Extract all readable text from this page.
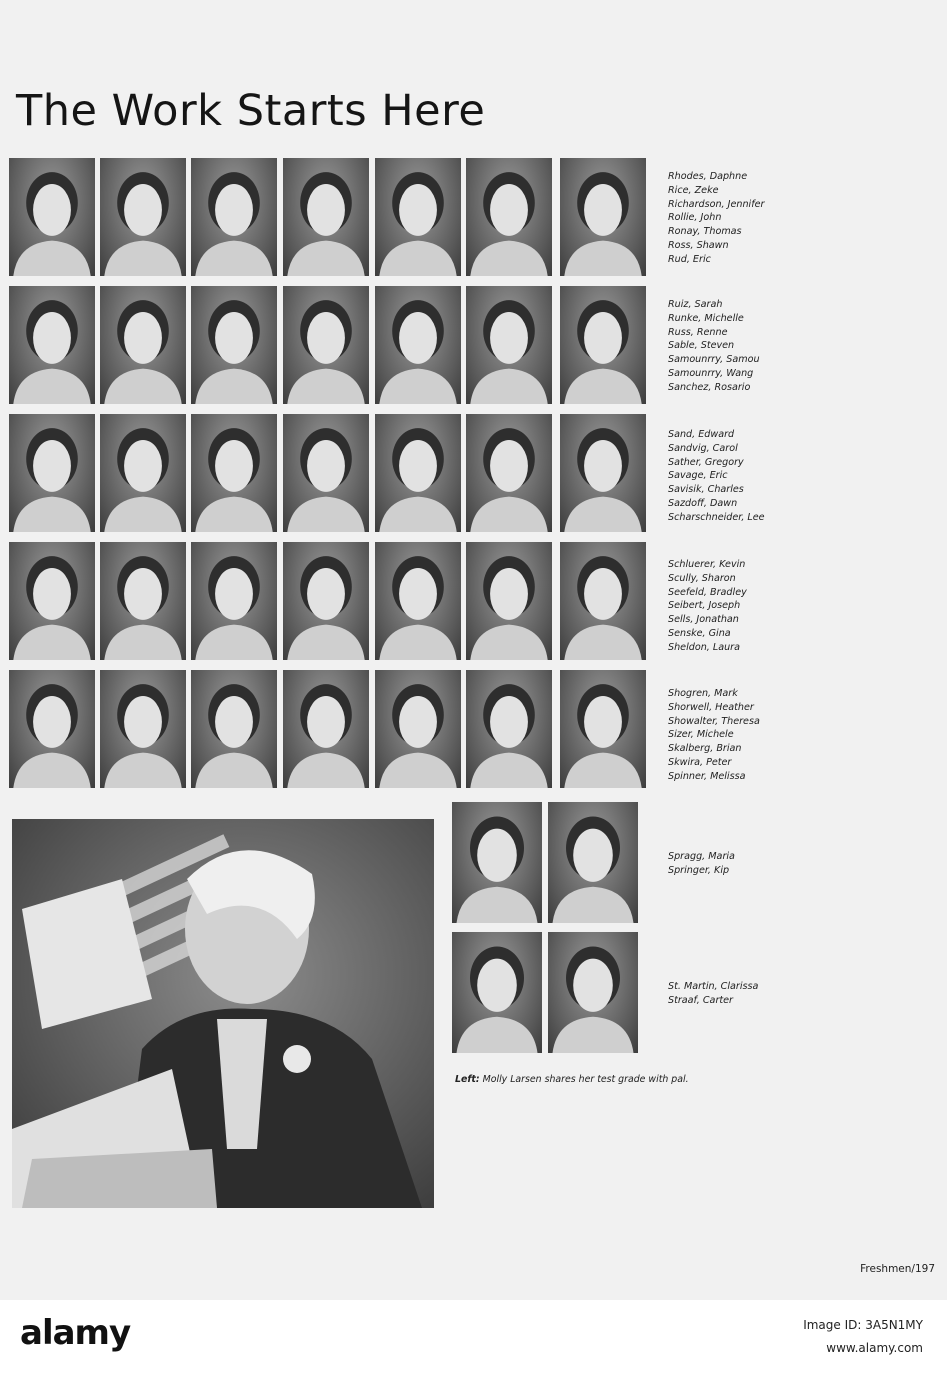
The Work Starts Here
Rhodes, Daphne
Rice, Zeke
Richardson, Jennifer
Rollie, John
Ronay, Thomas
Ross, Shawn
Rud, Eric
Ruiz, Sarah
Runke, Michelle
Russ, Renne
Sable, Steven
Samounrry, Samou
Samounrry, Wang
Sanchez, Rosario
Sand, Edward
Sandvig, Carol
Sather, Gregory
Savage, Eric
Savisik, Charles
Sazdoff, Dawn
Scharschneider, Lee
Schluerer, Kevin
Scully, Sharon
Seefeld, Bradley
Seibert, Joseph
Sells, Jonathan
Senske, Gina
Sheldon, Laura
Shogren, Mark
Shorwell, Heather
Showalter, Theresa
Sizer, Michele
Skalberg, Brian
Skwira, Peter
Spinner, Melissa
Spragg, Maria
Springer, Kip
St. Martin, Clarissa
Straaf, Carter
Left: Molly Larsen shares her test grade with pal.
Freshmen/197
alamy	Image ID: 3A5N1MY
www.alamy.com
